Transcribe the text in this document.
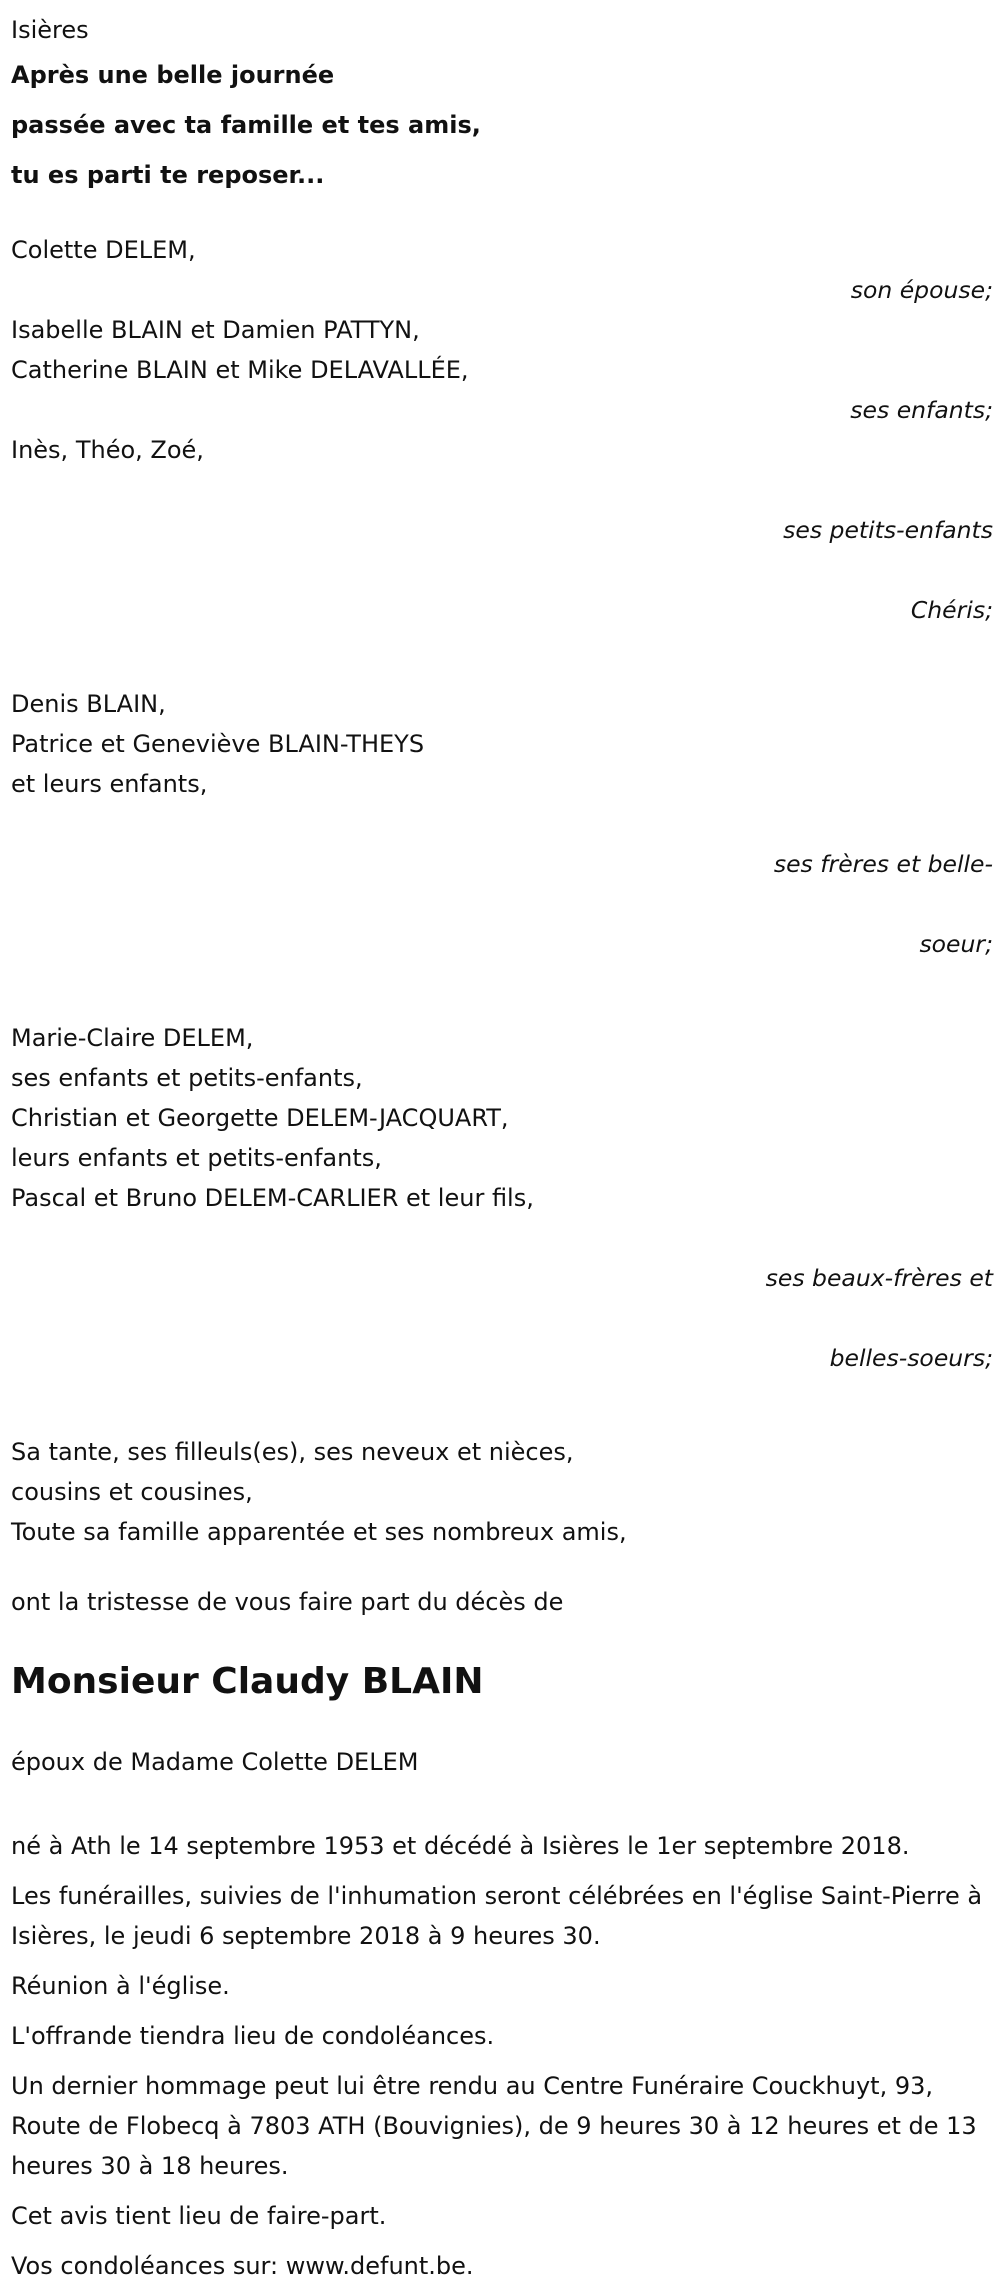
Isières
Après une belle journée
passée avec ta famille et tes amis,
tu es parti te reposer...
Colette DELEM,
son épouse;
Isabelle BLAIN et Damien PATTYN,
Catherine BLAIN et Mike DELAVALLÉE,
ses enfants;
Inès, Théo, Zoé,

ses petits-enfants

Chéris;

Denis BLAIN,
Patrice et Geneviève BLAIN-THEYS
et leurs enfants,

ses frères et belle-

soeur;

Marie-Claire DELEM,
ses enfants et petits-enfants,
Christian et Georgette DELEM-JACQUART,
leurs enfants et petits-enfants,
Pascal et Bruno DELEM-CARLIER et leur fils,

ses beaux-frères et

belles-soeurs;

Sa tante, ses filleuls(es), ses neveux et nièces,
cousins et cousines,
Toute sa famille apparentée et ses nombreux amis,
ont la tristesse de vous faire part du décès de
Monsieur Claudy BLAIN
époux de Madame Colette DELEM
né à Ath le 14 septembre 1953 et décédé à Isières le 1er septembre 2018.
Les funérailles, suivies de l'inhumation seront célébrées en l'église Saint-Pierre à Isières, le jeudi 6 septembre 2018 à 9 heures 30.
Réunion à l'église.
L'offrande tiendra lieu de condoléances.
Un dernier hommage peut lui être rendu au Centre Funéraire Couckhuyt, 93, Route de Flobecq à 7803 ATH (Bouvignies), de 9 heures 30 à 12 heures et de 13 heures 30 à 18 heures.
Cet avis tient lieu de faire-part.
Vos condoléances sur: www.defunt.be.
